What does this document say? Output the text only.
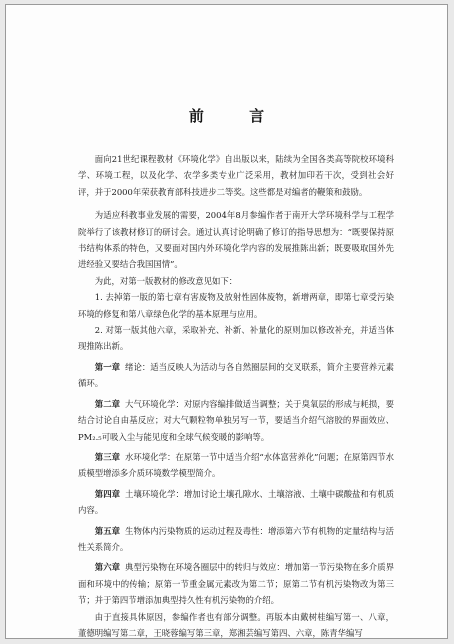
前 言

面向21世纪课程教材《环境化学》自出版以来，陆续为全国各类高等院校环境科学、环境工程，以及化学、农学多类专业广泛采用，教材加印若干次，受到社会好评，并于2000年荣获教育部科技进步二等奖。这些都是对编者的鞭策和鼓励。

为适应科教事业发展的需要，2004年8月参编作者于南开大学环境科学与工程学院举行了该教材修订的研讨会。通过认真讨论明确了修订的指导思想为：“既要保持原书结构体系的特色，又要面对国内外环境化学内容的发展推陈出新；既要吸取国外先进经验又要结合我国国情”。

为此，对第一版教材的修改意见如下：

1. 去掉第一版的第七章有害废物及放射性固体废物，新增两章，即第七章受污染环境的修复和第八章绿色化学的基本原理与应用。

2. 对第一版其他六章，采取补充、补新、补量化的原则加以修改补充，并适当体现推陈出新。

第一章 绪论：适当反映人为活动与各自然圈层间的交叉联系，简介主要营养元素循环。

第二章 大气环境化学：对原内容编排做适当调整；关于臭氧层的形成与耗损，要结合讨论自由基反应；对大气颗粒物单独另写一节，要适当介绍气溶胶的界面效应、PM₂.₅可吸入尘与能见度和全球气候变暖的影响等。

第三章 水环境化学：在原第一节中适当介绍“水体富营养化”问题；在原第四节水质模型增添多介质环境数学模型简介。

第四章 土壤环境化学：增加讨论土壤孔隙水、土壤溶液、土壤中碳酸盐和有机质内容。

第五章 生物体内污染物质的运动过程及毒性：增添第六节有机物的定量结构与活性关系简介。

第六章 典型污染物在环境各圈层中的转归与效应：增加第一节污染物在多介质界面和环境中的传输；原第一节重金属元素改为第二节；原第二节有机污染物改为第三节；并于第四节增添加典型持久性有机污染物的介绍。

由于直接具体原因，参编作者也有部分调整。再版本由戴树桂编写第一、八章，董德明编写第二章，王晓蓉编写第三章，郑湘芸编写第四、六章，陈青华编写
